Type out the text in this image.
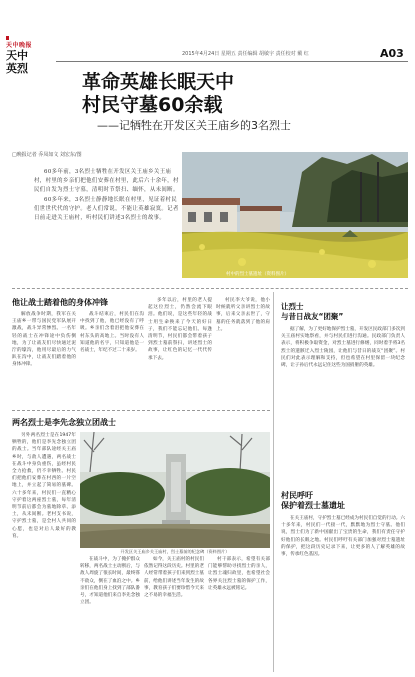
天中晚报
天中
英烈
2015年4月24日 星期五 责任编辑 胡敏宇 责任校对 戴 红	A03
革命英雄长眠天中
村民守墓60余载
——记牺牲在开发区关王庙乡的3名烈士
□晚报记者 乔凤如文 刘宏东/图

60多年前，3名烈士牺牲在开发区关王庙乡关王庙村，村里的乡亲们把他们安葬在村里，此后六十余年，村民们自发为烈士守墓，清明时节祭扫、缅怀，从未间断。

60多年来，3名烈士静静地长眠在村里，见证着村民们世世代代的守护。老人们常说，不能让英雄寂寞。记者日前走进关王庙村，听村民们讲述3名烈士的故事。

村中的烈士墓遗址（资料图片）
他让战士踏着他的身体冲锋

解放战争时期，我军在关王庙乡一带与国民党军队展开激战，战斗异常惨烈。一名年轻的战士在冲锋途中负伤倒地，为了让战友们尽快通过泥泞的壕沟，他用尽最后的力气趴在沟中，让战友们踏着他的身体冲锋。

战斗结束后，村民们在沟中找到了他，他已经没有了呼吸。乡亲们含着泪把他安葬在村东头的高地上。当时没有人知道他的名字，只知道他是一名战士，年纪不过二十来岁。

多年以后，村里的老人提起这位烈士，仍然会流下眼泪。他们说，是这些年轻的战士用生命换来了今天的好日子，我们不能忘记他们。每逢清明节，村民们都会带着孩子到烈士墓前祭扫，讲述烈士的故事，让红色的记忆一代代传承下去。

村民李大爷说，他小时候就听父亲讲烈士的故事，后来父亲去世了，守墓的任务就落到了他的肩上。

让烈士
与昔日战友“团聚”

据了解，为了更好地保护烈士墓，开发区民政部门多次到关王庙村实地察看，并与村民们进行沟通。民政部门负责人表示，将积极争取资金，对烈士墓进行修缮，同时着手将3名烈士的遗骸迁入烈士陵园，让他们与昔日的战友“团聚”。村民们对此表示理解和支持，但也希望在村里保留一块纪念碑，让子孙后代永远记住这些为国捐躯的英雄。

村民呼吁
保护着烈士墓遗址

在关王庙村，守护烈士墓已经成为村民们自觉的行动。六十多年来，村民们一代接一代，默默地为烈士守墓。他们说，烈士们为了新中国献出了宝贵的生命，我们有责任守护好他们的长眠之地。村民们呼吁有关部门加强对烈士墓遗址的保护，把这段历史记录下来，让更多的人了解英雄的故事，传承红色基因。

两名烈士是李先念独立团战士

另外两名烈士是在1947年牺牲的，他们是李先念独立团的战士。当年部队途经关王庙乡时，与敌人遭遇，两名战士在战斗中身负重伤，虽经村民全力抢救，仍不幸牺牲。村民们把他们安葬在村西的一片空地上，并立起了简易的墓碑。六十多年来，村民们一直精心守护着这两座烈士墓，每年清明节前后都会为墓地除草、添土，从未间断。老村支书说，守护烈士墓，是全村人共同的心愿，也是对后人最好的教育。

开发区关王庙乡关王庙村，烈士墓前的纪念碑（资料图片）

在战斗中，为了掩护群众转移，两名战士主动断后，与敌人周旋了很长时间，最终寡不敌众，倒在了血泊之中。乡亲们在他们身上找到了部队番号，才知道他们来自李先念独立团。

如今，关王庙村的村民们依然记得这段历史。村里的老人经常带着孩子们来到烈士墓前，给他们讲述当年发生的故事，教育孩子们要珍惜今天来之不易的幸福生活。

村干部表示，希望有关部门能够帮助寻找烈士的亲人，让烈士魂归故里，也希望社会各界关注烈士墓的保护工作，让英雄永远被铭记。
